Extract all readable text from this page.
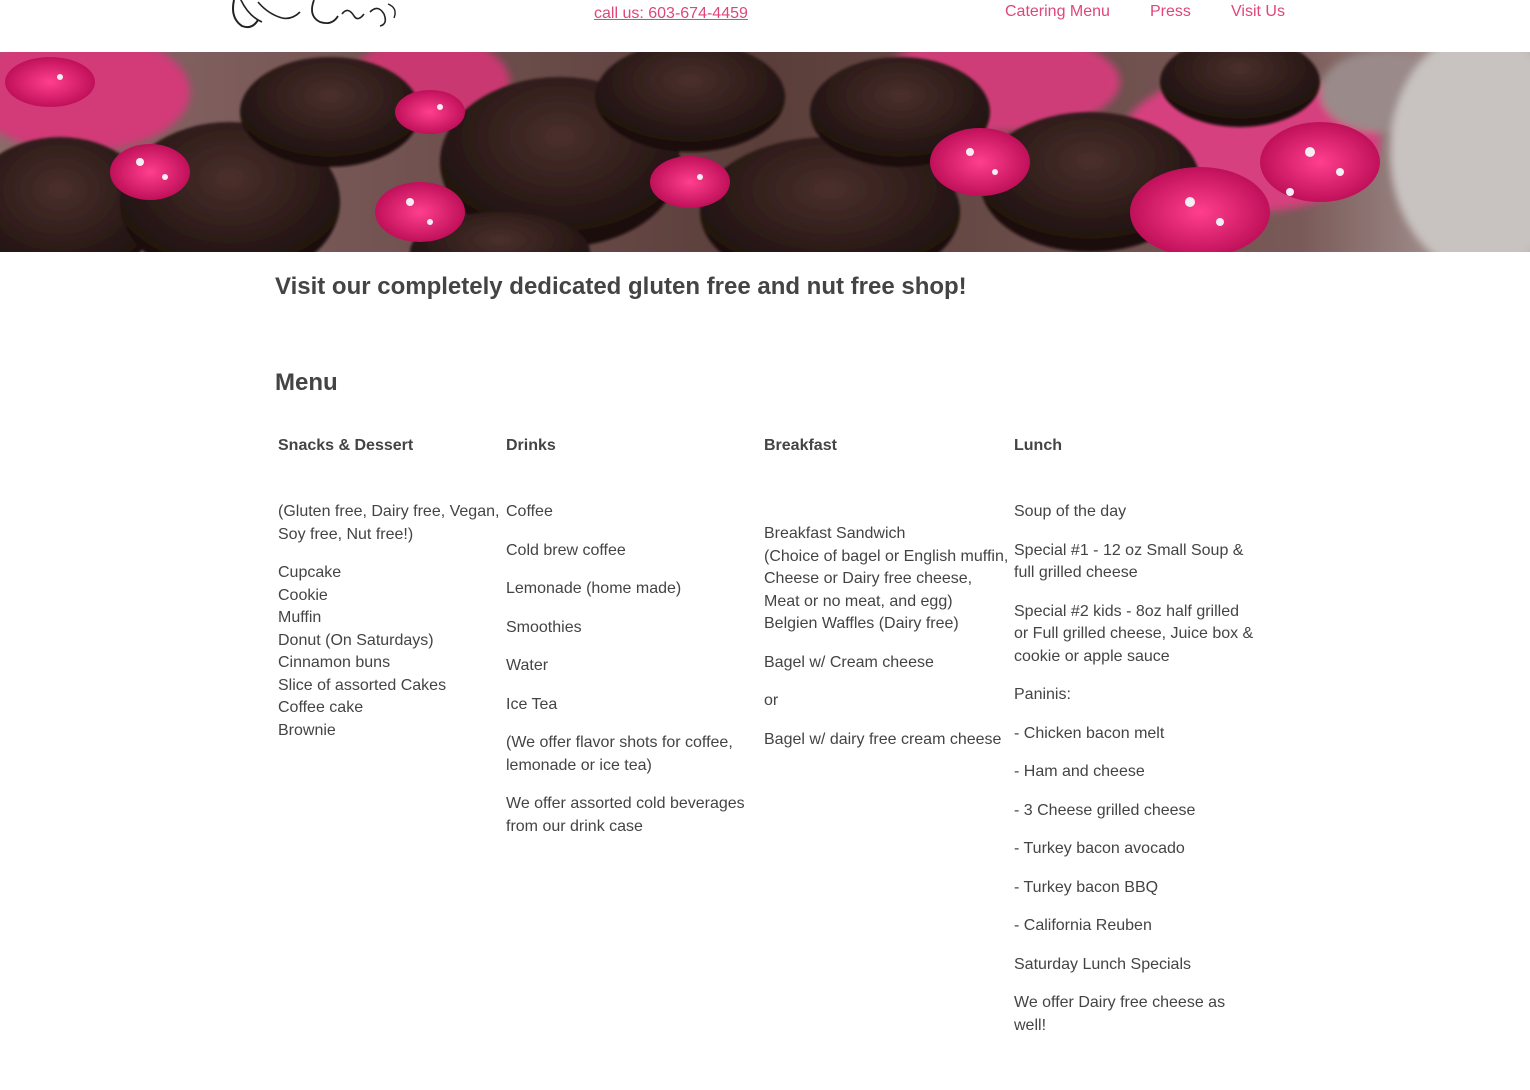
call us: 603-674-4459	Catering Menu	Press	Visit Us
Visit our completely dedicated gluten free and nut free shop!
Menu
Snacks & Dessert

(Gluten free, Dairy free, Vegan,
Soy free, Nut free!)

Cupcake
Cookie
Muffin
Donut (On Saturdays)
Cinnamon buns
Slice of assorted Cakes
Coffee cake
Brownie

Drinks

Coffee

Cold brew coffee

Lemonade (home made)

Smoothies

Water

Ice Tea

(We offer flavor shots for coffee,
lemonade or ice tea)

We offer assorted cold beverages
from our drink case

Breakfast

Breakfast Sandwich
(Choice of bagel or English muffin,
Cheese or Dairy free cheese,
Meat or no meat, and egg)
Belgien Waffles (Dairy free)

Bagel w/ Cream cheese

or

Bagel w/ dairy free cream cheese

Lunch

Soup of the day

Special #1 - 12 oz Small Soup &
full grilled cheese

Special #2 kids - 8oz half grilled
or Full grilled cheese, Juice box &
cookie or apple sauce

Paninis:

- Chicken bacon melt

- Ham and cheese

- 3 Cheese grilled cheese

- Turkey bacon avocado

- Turkey bacon BBQ

- California Reuben

Saturday Lunch Specials

We offer Dairy free cheese as
well!
